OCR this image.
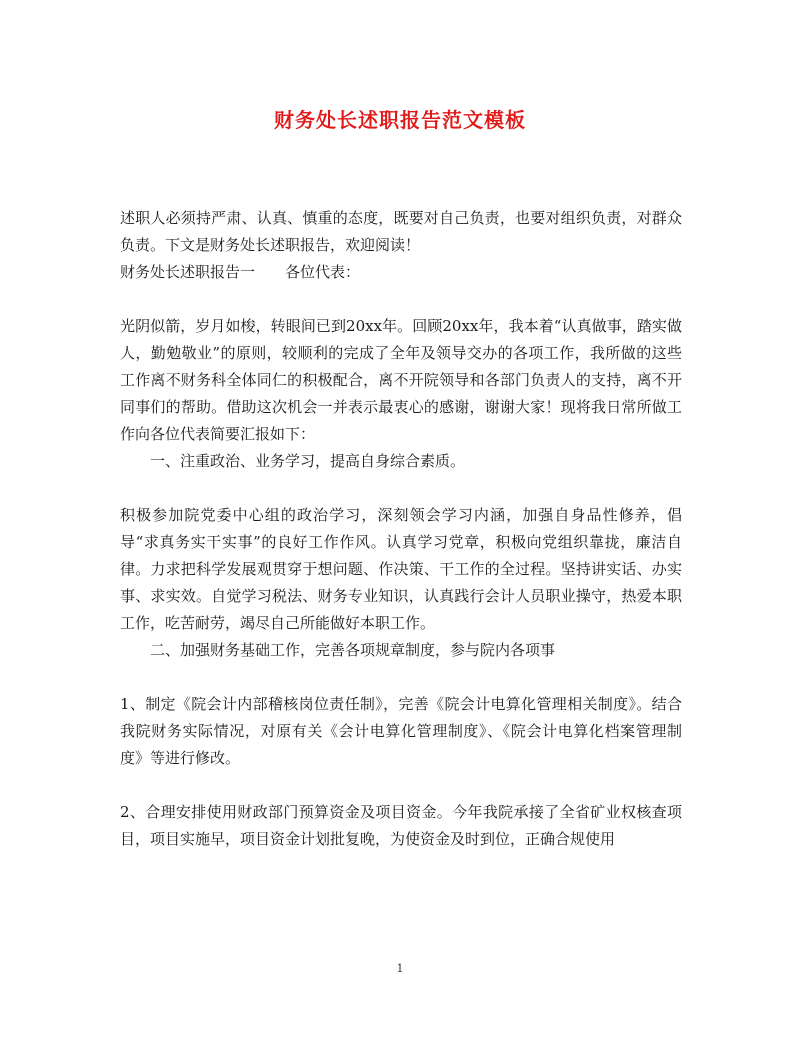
财务处长述职报告范文模板

述职人必须持严肃、认真、慎重的态度，既要对自己负责，也要对组织负责，对群众负责。下文是财务处长述职报告，欢迎阅读！

财务处长述职报告一　　各位代表：

光阴似箭，岁月如梭，转眼间已到20xx年。回顾20xx年，我本着“认真做事，踏实做人，勤勉敬业”的原则，较顺利的完成了全年及领导交办的各项工作，我所做的这些工作离不财务科全体同仁的积极配合，离不开院领导和各部门负责人的支持，离不开同事们的帮助。借助这次机会一并表示最衷心的感谢，谢谢大家！现将我日常所做工作向各位代表简要汇报如下：

一、注重政治、业务学习，提高自身综合素质。

积极参加院党委中心组的政治学习，深刻领会学习内涵，加强自身品性修养，倡导“求真务实干实事”的良好工作作风。认真学习党章，积极向党组织靠拢，廉洁自律。力求把科学发展观贯穿于想问题、作决策、干工作的全过程。坚持讲实话、办实事、求实效。自觉学习税法、财务专业知识，认真践行会计人员职业操守，热爱本职工作，吃苦耐劳，竭尽自己所能做好本职工作。

二、加强财务基础工作，完善各项规章制度，参与院内各项事

1、制定《院会计内部稽核岗位责任制》，完善《院会计电算化管理相关制度》。结合我院财务实际情况，对原有关《会计电算化管理制度》、《院会计电算化档案管理制度》等进行修改。

2、合理安排使用财政部门预算资金及项目资金。今年我院承接了全省矿业权核查项目，项目实施早，项目资金计划批复晚，为使资金及时到位，正确合规使用

1
